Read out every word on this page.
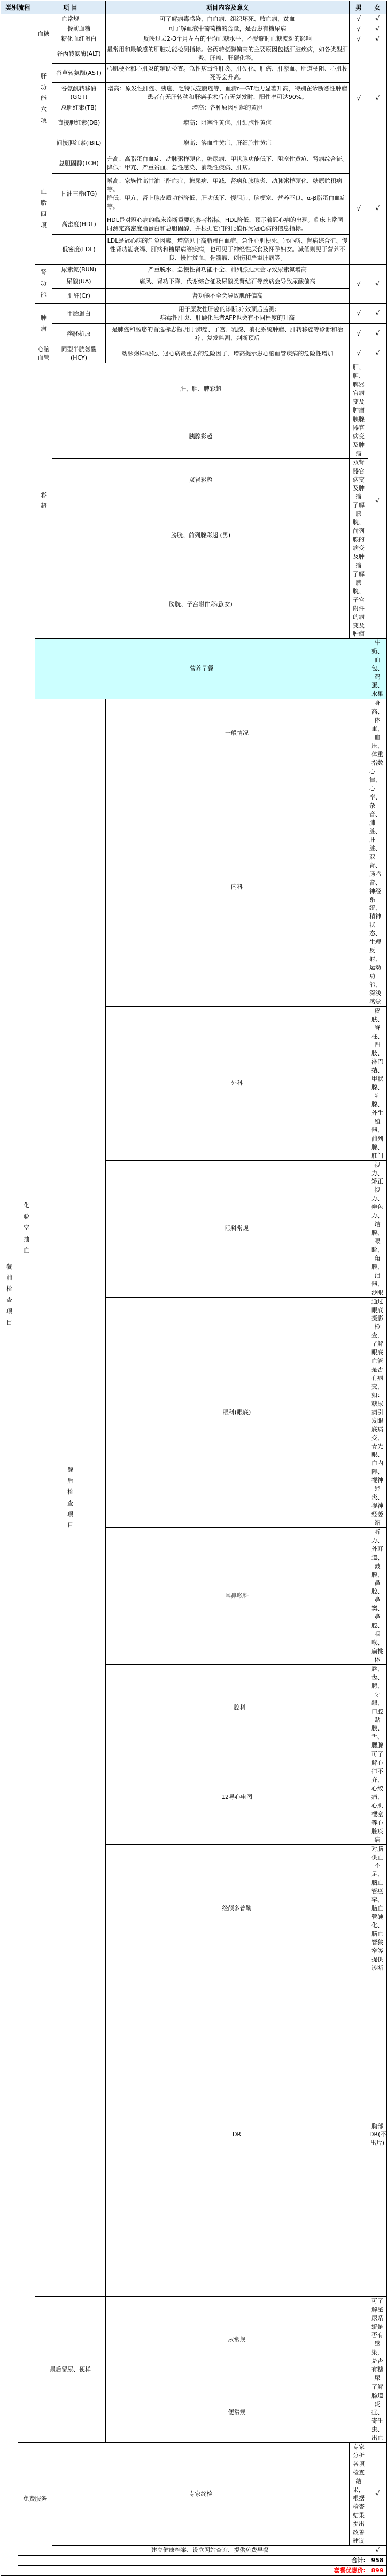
类别流程		项 目		项目内容及意义	男	女	

餐前检查项目	化验室抽血	血常规		可了解病毒感染、白血病、组织坏死、败血病、贫血	√	√	
		血糖	餐前血糖	可了解血液中葡萄糖的含量，是否患有糖尿病	√	√	
			糖化血红蛋白	反映过去2-3个月左右的平均血糖水平，不受临时血糖波动的影响	√	√	

		肝功能六项	谷丙转氨酶(ALT)	最常用和最敏感的肝脏功能检测指标。谷丙转氨酶偏高的主要原因包括肝脏疾病，如各类型肝炎、肝癌、肝硬化等。	√	√	
			谷草转氨酶(AST)	心肌梗死和心肌炎的辅助检查。急性病毒性肝炎、肝硬化、肝癌、肝淤血、胆道梗阻、心肌梗死等会升高。			
			谷氨酰转移酶(GGT)	增高：原发性肝癌、胰癌、乏特氏壶腹癌等，血清r—GT活力显著升高，特别在诊断恶性肿瘤患者有无肝转移和肝癌手术后有无复发时，阳性率可达90%。			
			总胆红素(TB)	增高：各种原因引起的黄胆			
			直接胆红素(DB)	增高：阻塞性黄疸、肝细胞性黄疸			
			间接胆红素(IBIL)	增高：溶血性黄疸、肝细胞性黄疸			

		血脂四项	总胆固醇(TCH)	升高：高脂蛋白血症、动脉粥样硬化、糖尿病、甲状腺功能低下、阻塞性黄疸、肾病综合征。降低：甲亢、严重贫血、急性感染、消耗性疾病、肝病。	√	√	
			甘油三酯(TG)	增高：家族性高甘油三酯血症，糖尿病、甲减、肾病和胰腺炎、动脉粥样硬化、糖原贮积病等。
降低：甲亢、肾上腺皮质功能降低、肝功低下、慢阻肺、脑梗塞、营养不良、α-β脂蛋白血症等。			

			高密度(HDL)	HDL是对冠心病的临床诊断重要的参考指标。HDL降低，预示着冠心病的出现。临床上常同时测定高密度脂蛋白和总胆固醇，并根据它们的比值作为冠心病的信息指标。			
			低密度(LDL)	LDL是冠心病的危险因素。增高见于高脂蛋白血症、急性心肌梗死、冠心病、肾病综合征、慢性肾功能衰竭、肝病和糖尿病等疾病，也可见于神经性厌食及怀孕妇女。减低则见于营养不良、慢性贫血、骨髓瘤、创伤和严重肝病等。			

		肾功能	尿素氮(BUN)	严重脱水、急慢性肾功能不全、前列腺肥大会导致尿素氮增高	√	√	
			尿酸(UA)	痛风、肾功下降、代谢综合征及尿酸类肾结石等疾病会导致尿酸偏高			
			肌酐(Cr)	肾功能不全会导致肌酐偏高			

		肿瘤	甲胎蛋白	用于原发性肝癌的诊断,疗效预后监测;
病毒性肝炎、肝硬化患者AFP也会有不同程度的升高	√	√	
			癌胚抗原	是肺癌和肠癌的首选标志物,用于肺癌、子宫、乳腺、消化系统肿瘤、肝转移癌等诊断和治疗、复发监测、判断预后	√	√	
		心脑血管	同型半胱氨酸(HCY)	动脉粥样硬化、冠心病最重要的危险因子、增高提示患心脑血管疾病的危险性增加	√	√	

		彩超	肝、胆、脾彩超		肝、胆、脾器官病变及肿瘤	√	
			胰腺彩超		胰腺器官病变及肿瘤		
			双肾彩超		双肾器官病变及肿瘤		
			膀胱、前列腺彩超 (男)		了解膀胱、前列腺的病变及肿瘤		
			膀胱、子宫附件彩超(女)		了解膀胱、子宫附件的病变及肿瘤		
		营养早餐				牛奶、面包、鸡蛋、水果		

		餐后检查项目		一般情况		身高、体重、血压、体重指数		
				内科		心律、心率、杂音、肺脏、肝脏、双肾、肠鸣音、神经系统、精神状态、生理反射、运动功能、深浅感觉		
				外科		皮肤、脊柱、四肢、淋巴结、甲状腺、乳腺、外生殖器、前列腺、肛门		
				眼科常规		视力、矫正视力、辨色力、结膜、眼睑、角膜、泪器、沙眼		
				眼科(眼底)		通过眼底摄影检查，了解眼底血管是否有病变，
如：糖尿病引发眼底病变、青光眼、白内障、视神经炎、视神经萎缩

				耳鼻喉科		听力、外耳道、鼓膜、鼻腔、鼻窦、鼻腔、咽喉、扁桃体		
				口腔科		唇、齿、腭、牙龈、口腔黏膜、舌、腮腺		
				12导心电图		可了解心律不齐、心绞痛、心肌梗塞等心脏疾病		
				经颅多普勒		对脑供血不足、脑血管痉挛、脑血管硬化、脑血管狭窄等提供诊断		
				DR		胸部DR(不出片)	

		最后留尿、便样		尿常规		可了解泌尿系统是否有感染，是否有糖尿		
				便常规		了解肠道炎症、寄生虫、出血		
	免费服务		专家终检		专家分析各项检查结果，根据检查结果提出改善建议	√	
			建立健康档案、设立网站查询、提供免费早餐			√	
	合计:					958	
	套餐优惠价:					899	
